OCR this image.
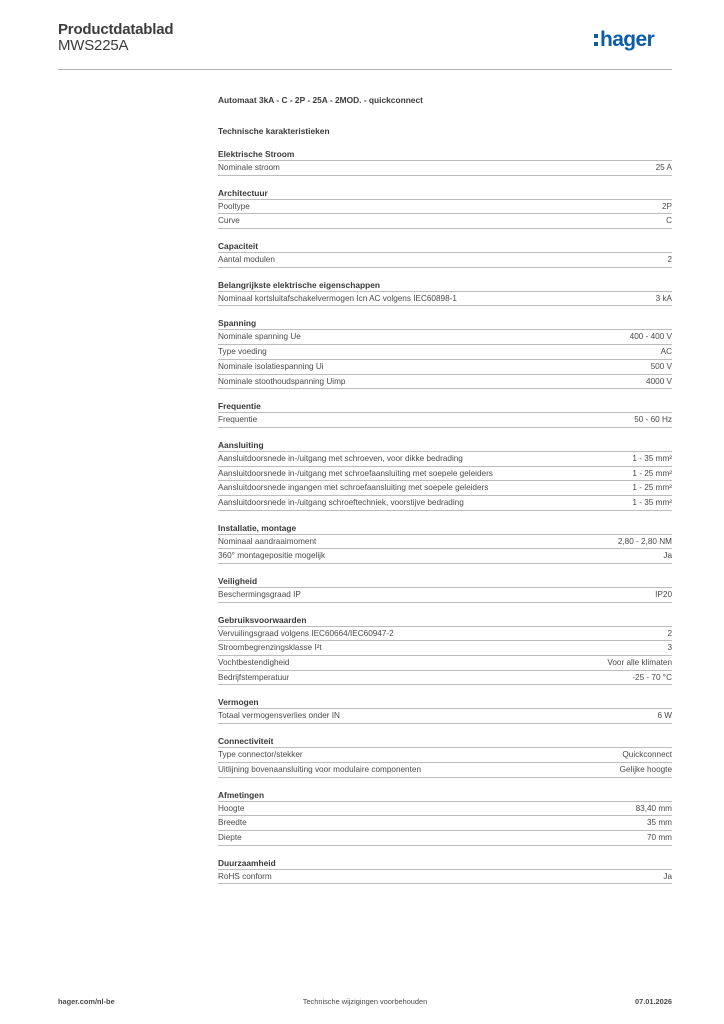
Productdatablad
MWS225A	hager
Automaat 3kA - C - 2P - 25A - 2MOD. - quickconnect
Technische karakteristieken
Elektrische Stroom
Nominale stroom	25 A
Architectuur
Pooltype	2P
Curve	C
Capaciteit
Aantal modulen	2
Belangrijkste elektrische eigenschappen
Nominaal kortsluitafschakelvermogen Icn AC volgens IEC60898-1	3 kA
Spanning
Nominale spanning Ue	400 - 400 V
Type voeding	AC
Nominale isolatiespanning Ui	500 V
Nominale stoothoudspanning Uimp	4000 V
Frequentie
Frequentie	50 - 60 Hz
Aansluiting
Aansluitdoorsnede in-/uitgang met schroeven, voor dikke bedrading	1 - 35 mm²
Aansluitdoorsnede in-/uitgang met schroefaansluiting met soepele geleiders	1 - 25 mm²
Aansluitdoorsnede ingangen met schroefaansluiting met soepele geleiders	1 - 25 mm²
Aansluitdoorsnede in-/uitgang schroeftechniek, voorstijve bedrading	1 - 35 mm²
Installatie, montage
Nominaal aandraaimoment	2,80 - 2,80 NM
360° montagepositie mogelijk	Ja
Veiligheid
Beschermingsgraad IP	IP20
Gebruiksvoorwaarden
Vervuilingsgraad volgens IEC60664/IEC60947-2	2
Stroombegrenzingsklasse I²t	3
Vochtbestendigheid	Voor alle klimaten
Bedrijfstemperatuur	-25 - 70 °C
Vermogen
Totaal vermogensverlies onder IN	6 W
Connectiviteit
Type connector/stekker	Quickconnect
Uitlijning bovenaansluiting voor modulaire componenten	Gelijke hoogte
Afmetingen
Hoogte	83,40 mm
Breedte	35 mm
Diepte	70 mm
Duurzaamheid
RoHS conform	Ja
hager.com/nl-be	Technische wijzigingen voorbehouden	07.01.2026
